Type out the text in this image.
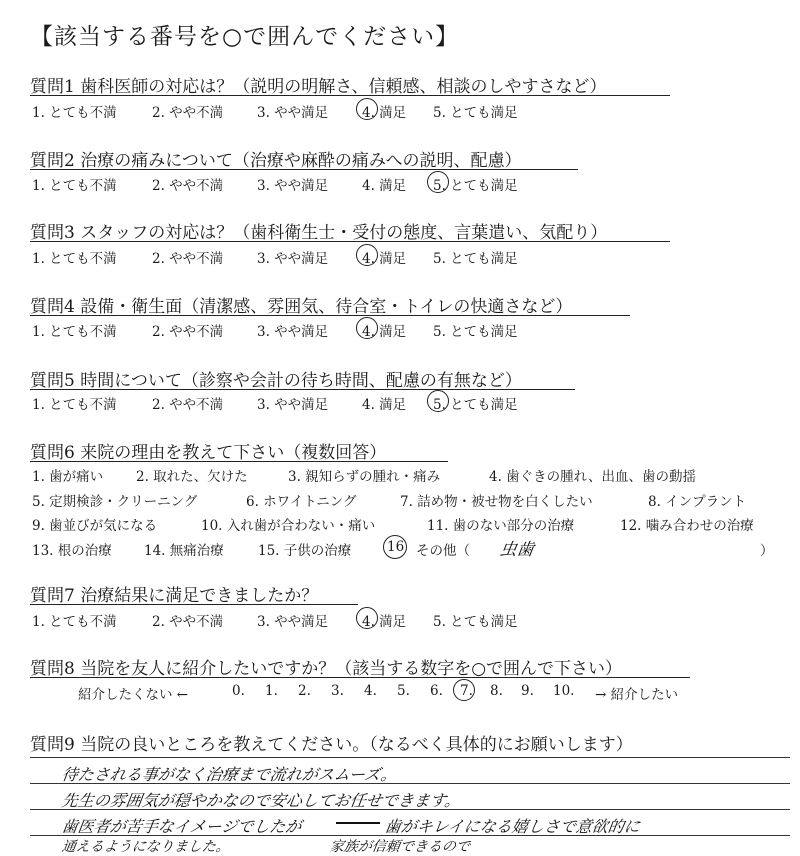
【該当する番号を○で囲んでください】
質問1 歯科医師の対応は？（説明の明解さ、信頼感、相談のしやすさなど）
1. とても不満	2. やや不満	3. やや満足	4. 満足 5. とても満足
質問2 治療の痛みについて（治療や麻酔の痛みへの説明、配慮）
1. とても不満	2. やや不満	3. やや満足	4. 満足 5. とても満足
質問3 スタッフの対応は？（歯科衛生士・受付の態度、言葉遣い、気配り）
1. とても不満	2. やや不満	3. やや満足	4. 満足 5. とても満足
質問4 設備・衛生面（清潔感、雰囲気、待合室・トイレの快適さなど）
1. とても不満	2. やや不満	3. やや満足	4. 満足 5. とても満足
質問5 時間について（診察や会計の待ち時間、配慮の有無など）
1. とても不満	2. やや不満	3. やや満足	4. 満足 5. とても満足
質問6 来院の理由を教えて下さい（複数回答）
1. 歯が痛い 2. 取れた、欠けた	3. 親知らずの腫れ・痛み	4. 歯ぐきの腫れ、出血、歯の動揺
5. 定期検診・クリーニング	6. ホワイトニング	7. 詰め物・被せ物を白くしたい	8. インプラント
9. 歯並びが気になる	10. 入れ歯が合わない・痛い	11. 歯のない部分の治療	12. 噛み合わせの治療
13. 根の治療 14. 無痛治療	15. 子供の治療	16 その他（ 虫歯	）
質問7 治療結果に満足できましたか？
1. とても不満	2. やや不満	3. やや満足	4. 満足 5. とても満足
質問8 当院を友人に紹介したいですか？（該当する数字を○で囲んで下さい）
紹介したくない ←	0. 1. 2. 3. 4. 5. 6. 7. 8. 9. 10. → 紹介したい
質問9 当院の良いところを教えてください。（なるべく具体的にお願いします）
待たされる事がなく治療まで流れがスムーズ。
先生の雰囲気が穏やかなので安心してお任せできます。
歯医者が苦手なイメージでしたが	歯がキレイになる嬉しさで意欲的に
通えるようになりました。	家族が信頼できるので
